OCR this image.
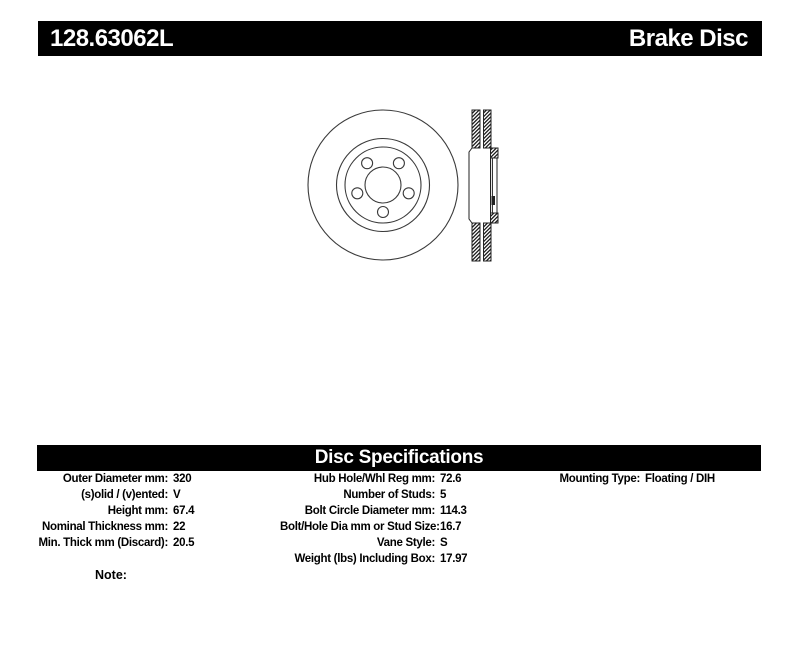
128.63062L	Brake Disc
Disc Specifications
Outer Diameter mm: 320
(s)olid / (v)ented: V
Height mm: 67.4
Nominal Thickness mm: 22
Min. Thick mm (Discard): 20.5
Hub Hole/Whl Reg mm: 72.6
Number of Studs: 5
Bolt Circle Diameter mm: 114.3
Bolt/Hole Dia mm or Stud Size: 16.7
Vane Style: S
Weight (lbs) Including Box: 17.97
Mounting Type: Floating / DIH
Note:
